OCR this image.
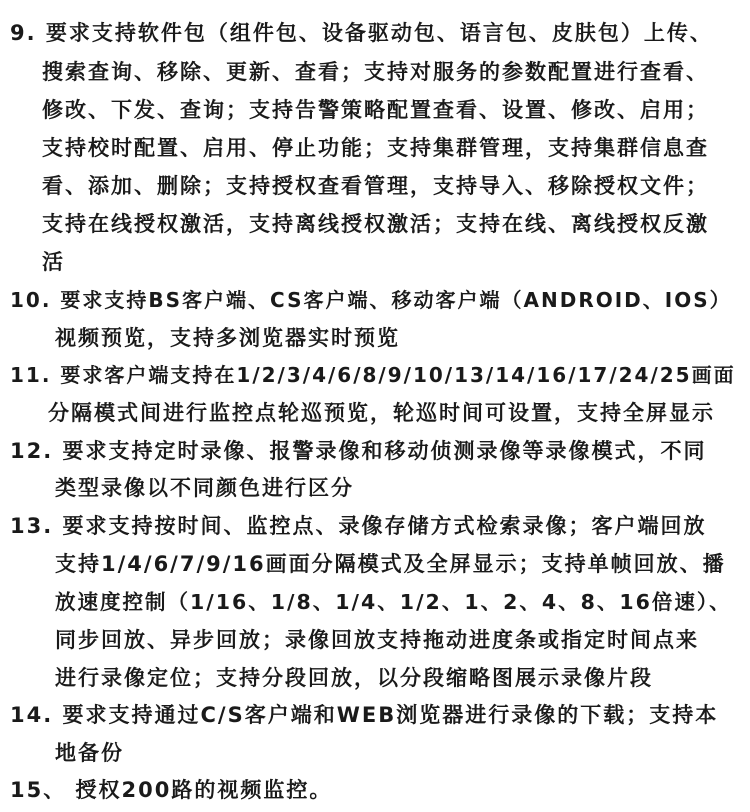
9. 要求支持软件包（组件包、设备驱动包、语言包、皮肤包）上传、
搜索查询、移除、更新、查看；支持对服务的参数配置进行查看、
修改、下发、查询；支持告警策略配置查看、设置、修改、启用；
支持校时配置、启用、停止功能；支持集群管理，支持集群信息查
看、添加、删除；支持授权查看管理，支持导入、移除授权文件；
支持在线授权激活，支持离线授权激活；支持在线、离线授权反激
活
10. 要求支持BS客户端、CS客户端、移动客户端（ANDROID、IOS）
视频预览，支持多浏览器实时预览
11. 要求客户端支持在1/2/3/4/6/8/9/10/13/14/16/17/24/25画面
分隔模式间进行监控点轮巡预览，轮巡时间可设置，支持全屏显示
12. 要求支持定时录像、报警录像和移动侦测录像等录像模式，不同
类型录像以不同颜色进行区分
13. 要求支持按时间、监控点、录像存储方式检索录像；客户端回放
支持1/4/6/7/9/16画面分隔模式及全屏显示；支持单帧回放、播
放速度控制（1/16、1/8、1/4、1/2、1、2、4、8、16倍速）、
同步回放、异步回放；录像回放支持拖动进度条或指定时间点来
进行录像定位；支持分段回放，以分段缩略图展示录像片段
14. 要求支持通过C/S客户端和WEB浏览器进行录像的下载；支持本
地备份
15、 授权200路的视频监控。
